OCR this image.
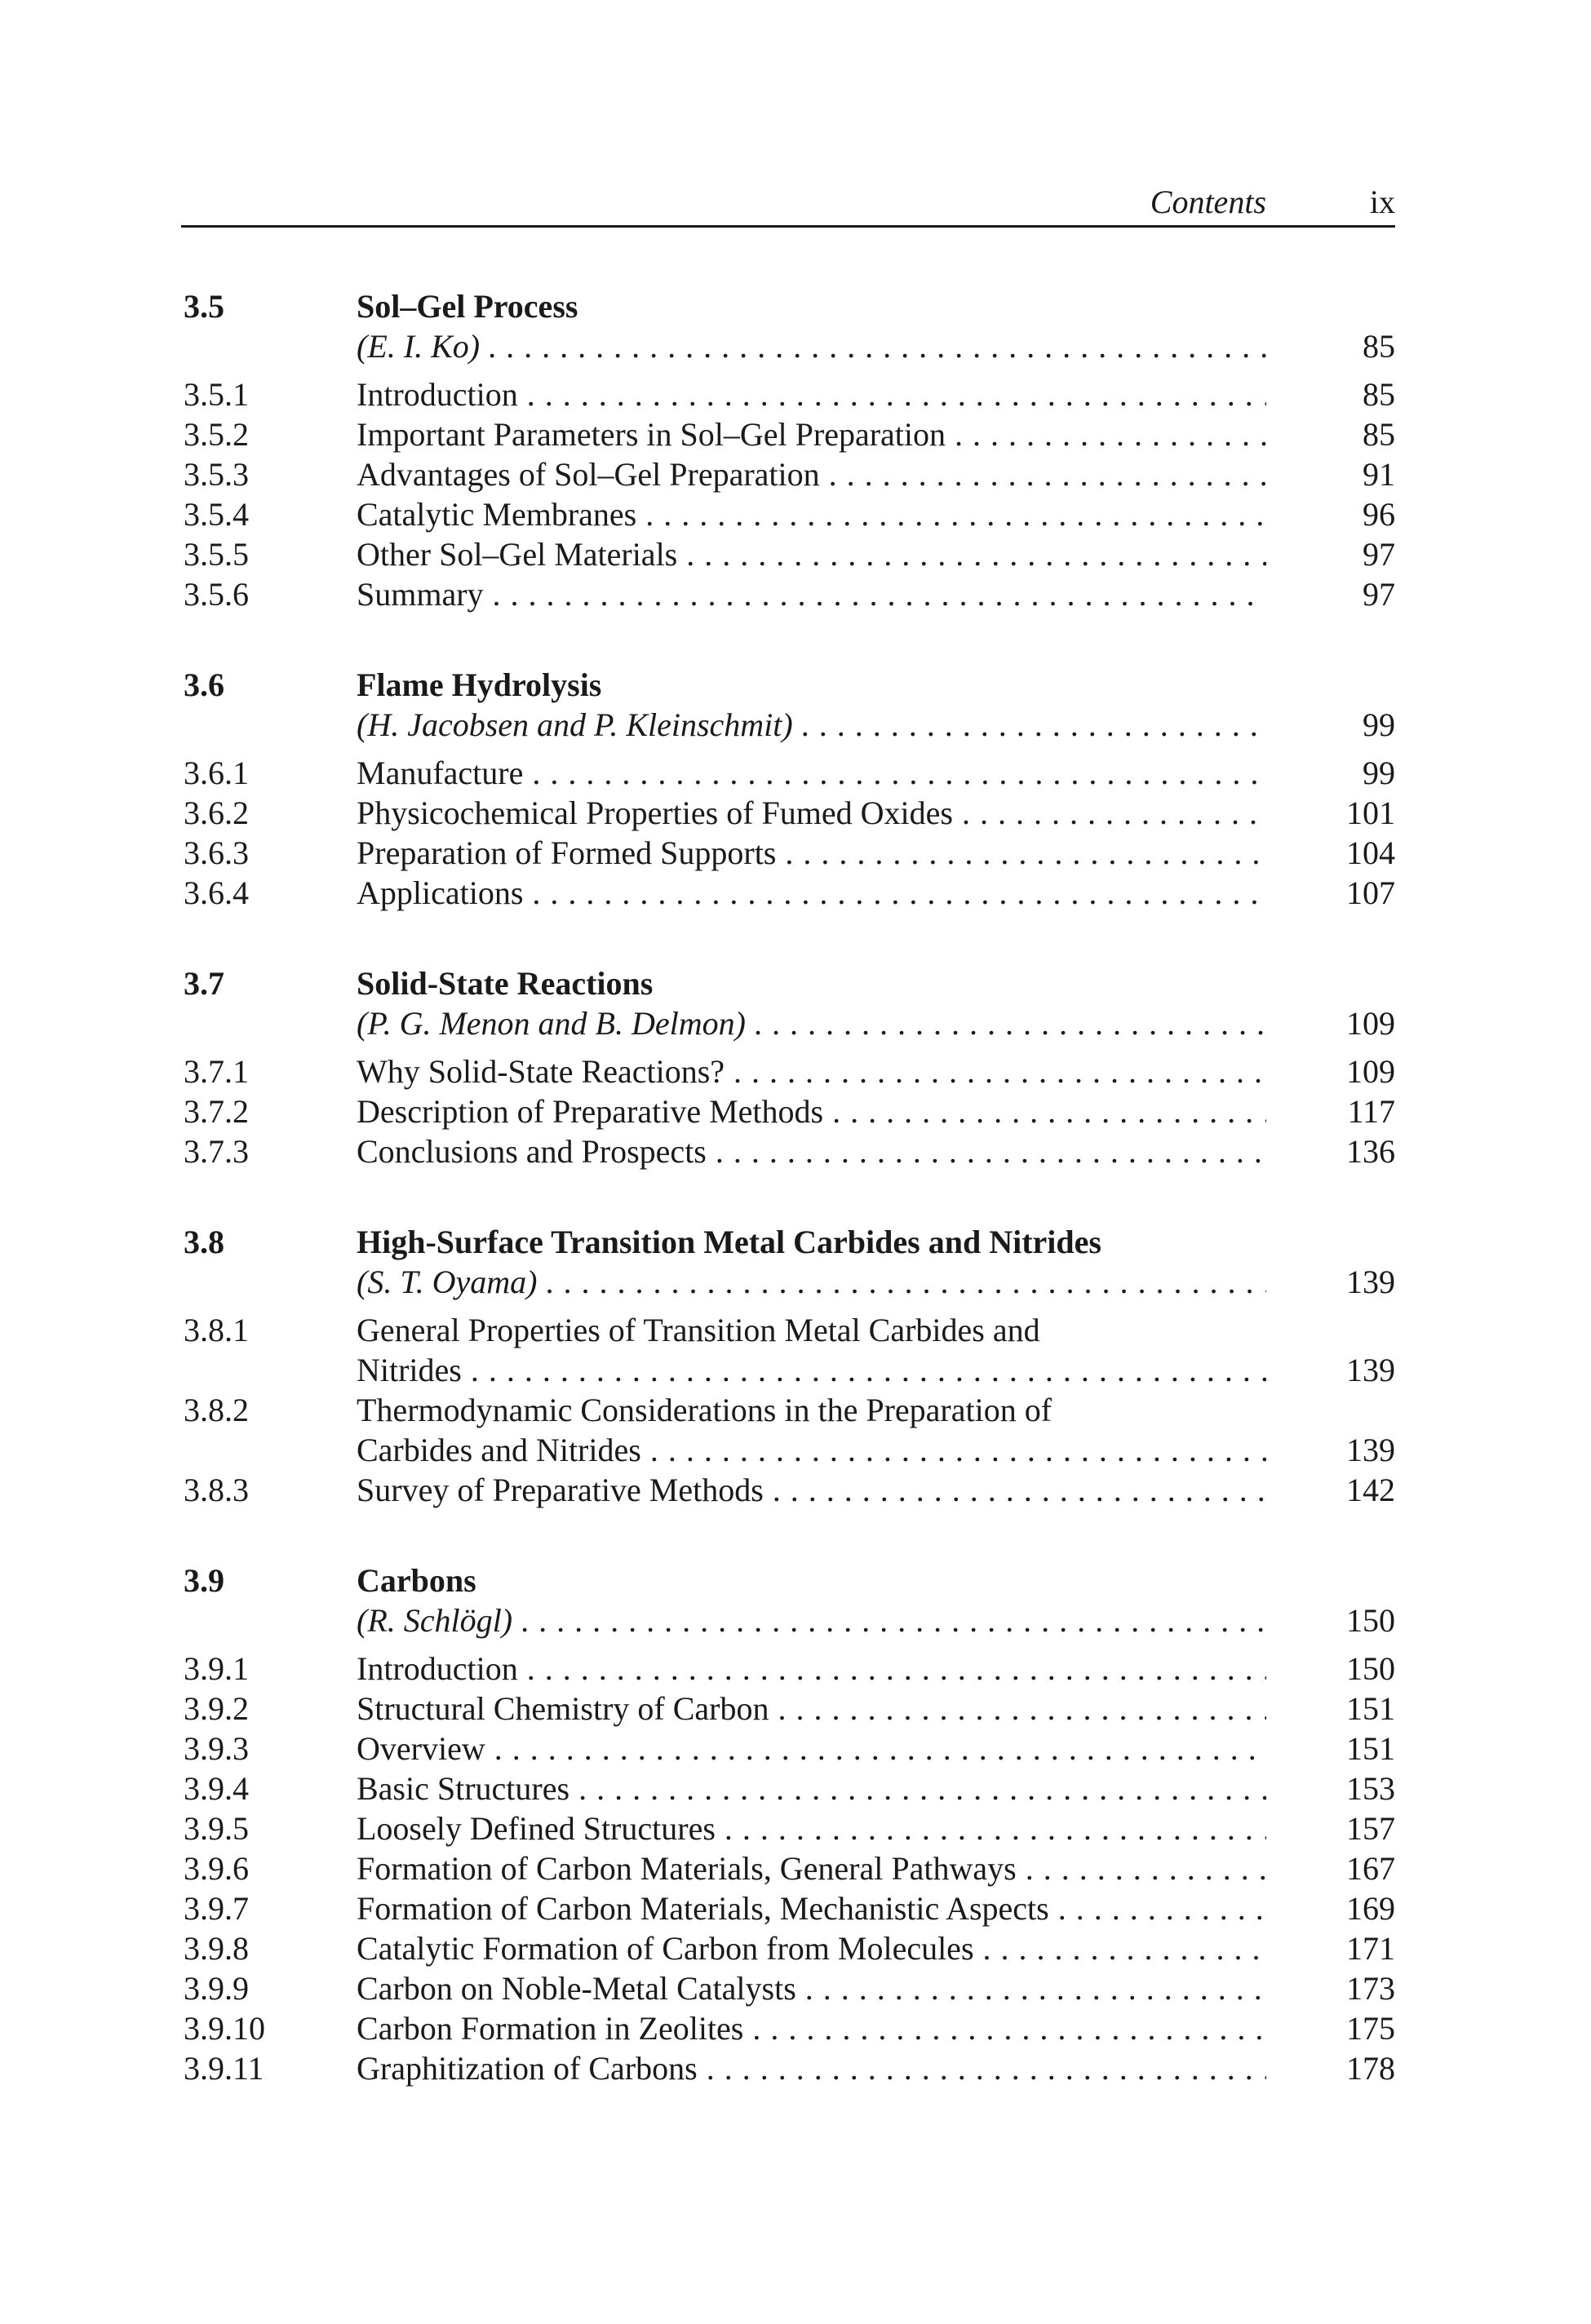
Contents	ix
3.5	Sol–Gel Process
(E. I. Ko) . . .	85
3.5.1	Introduction . . .	85
3.5.2	Important Parameters in Sol–Gel Preparation . . .	85
3.5.3	Advantages of Sol–Gel Preparation . . .	91
3.5.4	Catalytic Membranes . . .	96
3.5.5	Other Sol–Gel Materials . . .	97
3.5.6	Summary . . .	97
3.6	Flame Hydrolysis
(H. Jacobsen and P. Kleinschmit) . . .	99
3.6.1	Manufacture . . .	99
3.6.2	Physicochemical Properties of Fumed Oxides . . .	101
3.6.3	Preparation of Formed Supports . . .	104
3.6.4	Applications . . .	107
3.7	Solid-State Reactions
(P. G. Menon and B. Delmon) . . .	109
3.7.1	Why Solid-State Reactions? . . .	109
3.7.2	Description of Preparative Methods . . .	117
3.7.3	Conclusions and Prospects . . .	136
3.8	High-Surface Transition Metal Carbides and Nitrides
(S. T. Oyama) . . .	139
3.8.1	General Properties of Transition Metal Carbides and
Nitrides . . .	139
3.8.2	Thermodynamic Considerations in the Preparation of
Carbides and Nitrides . . .	139
3.8.3	Survey of Preparative Methods . . .	142
3.9	Carbons
(R. Schlögl) . . .	150
3.9.1	Introduction . . .	150
3.9.2	Structural Chemistry of Carbon . . .	151
3.9.3	Overview . . .	151
3.9.4	Basic Structures . . .	153
3.9.5	Loosely Defined Structures . . .	157
3.9.6	Formation of Carbon Materials, General Pathways . . .	167
3.9.7	Formation of Carbon Materials, Mechanistic Aspects . . .	169
3.9.8	Catalytic Formation of Carbon from Molecules . . .	171
3.9.9	Carbon on Noble-Metal Catalysts . . .	173
3.9.10	Carbon Formation in Zeolites . . .	175
3.9.11	Graphitization of Carbons . . .	178
